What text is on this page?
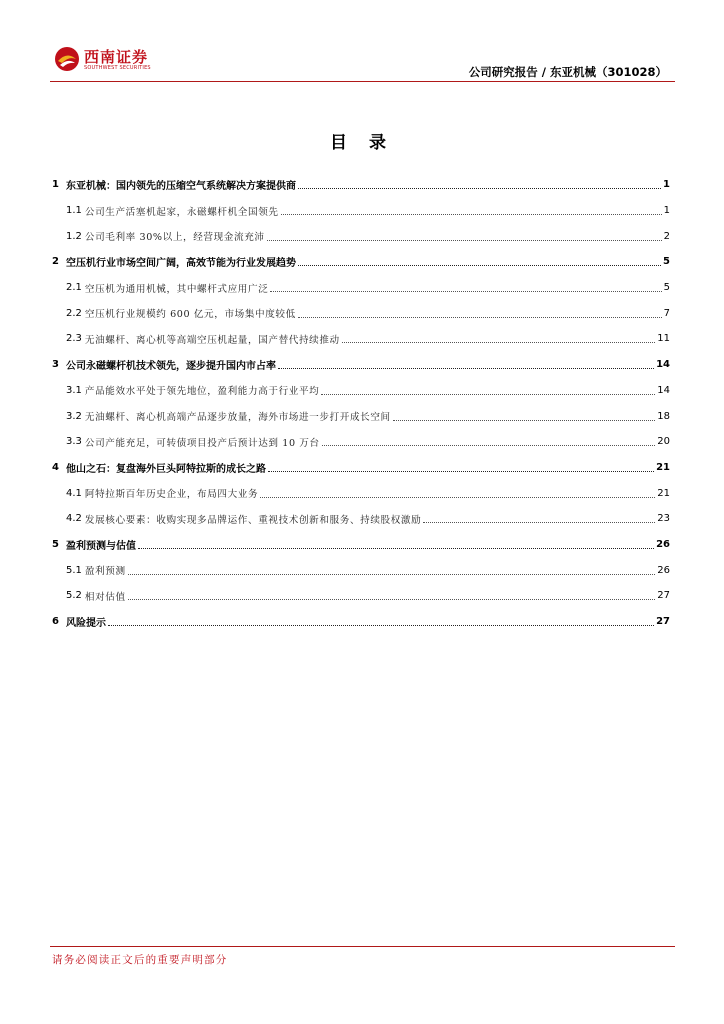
西南证券
SOUTHWEST SECURITIES	公司研究报告 / 东亚机械（301028）
目 录
1 东亚机械：国内领先的压缩空气系统解决方案提供商	1
1.1 公司生产活塞机起家，永磁螺杆机全国领先	1
1.2 公司毛利率 30%以上，经营现金流充沛	2
2 空压机行业市场空间广阔，高效节能为行业发展趋势	5
2.1 空压机为通用机械，其中螺杆式应用广泛	5
2.2 空压机行业规模约 600 亿元，市场集中度较低	7
2.3 无油螺杆、离心机等高端空压机起量，国产替代持续推动	11
3 公司永磁螺杆机技术领先，逐步提升国内市占率	14
3.1 产品能效水平处于领先地位，盈利能力高于行业平均	14
3.2 无油螺杆、离心机高端产品逐步放量，海外市场进一步打开成长空间	18
3.3 公司产能充足，可转债项目投产后预计达到 10 万台	20
4 他山之石：复盘海外巨头阿特拉斯的成长之路	21
4.1 阿特拉斯百年历史企业，布局四大业务	21
4.2 发展核心要素：收购实现多品牌运作、重视技术创新和服务、持续股权激励	23
5 盈利预测与估值	26
5.1 盈利预测	26
5.2 相对估值	27
6 风险提示	27
请务必阅读正文后的重要声明部分
